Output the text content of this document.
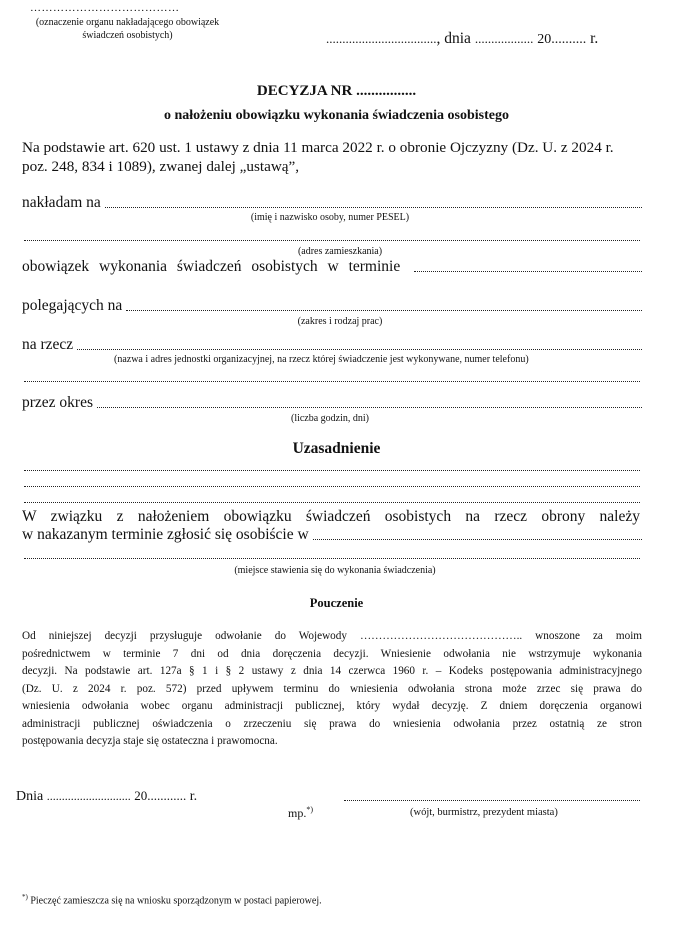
…………………………………
(oznaczenie organu nakładającego obowiązek
świadczeń osobistych)	.................................., dnia .................. 20.......... r.
DECYZJA NR ................
o nałożeniu obowiązku wykonania świadczenia osobistego
Na podstawie art. 620 ust. 1 ustawy z dnia 11 marca 2022 r. o obronie Ojczyzny (Dz. U. z 2024 r.
poz. 248, 834 i 1089), zwanej dalej „ustawą”,
nakładam na
(imię i nazwisko osoby, numer PESEL)
(adres zamieszkania)
obowiązek wykonania świadczeń osobistych w terminie
polegających na
(zakres i rodzaj prac)
na rzecz
(nazwa i adres jednostki organizacyjnej, na rzecz której świadczenie jest wykonywane, numer telefonu)
przez okres
(liczba godzin, dni)
Uzasadnienie
W związku z nałożeniem obowiązku świadczeń osobistych na rzecz obrony należy
w nakazanym terminie zgłosić się osobiście w
(miejsce stawienia się do wykonania świadczenia)
Pouczenie

Od niniejszej decyzji przysługuje odwołanie do Wojewody …………………………………….. wnoszone za moim

pośrednictwem w terminie 7 dni od dnia doręczenia decyzji. Wniesienie odwołania nie wstrzymuje wykonania

decyzji. Na podstawie art. 127a § 1 i § 2 ustawy z dnia 14 czerwca 1960 r. – Kodeks postępowania administracyjnego

(Dz. U. z 2024 r. poz. 572) przed upływem terminu do wniesienia odwołania strona może zrzec się prawa do

wniesienia odwołania wobec organu administracji publicznej, który wydał decyzję. Z dniem doręczenia organowi

administracji publicznej oświadczenia o zrzeczeniu się prawa do wniesienia odwołania przez ostatnią ze stron

postępowania decyzja staje się ostateczna i prawomocna.

Dnia ............................ 20............ r.
(wójt, burmistrz, prezydent miasta)
mp.*)
*) Pieczęć zamieszcza się na wniosku sporządzonym w postaci papierowej.
